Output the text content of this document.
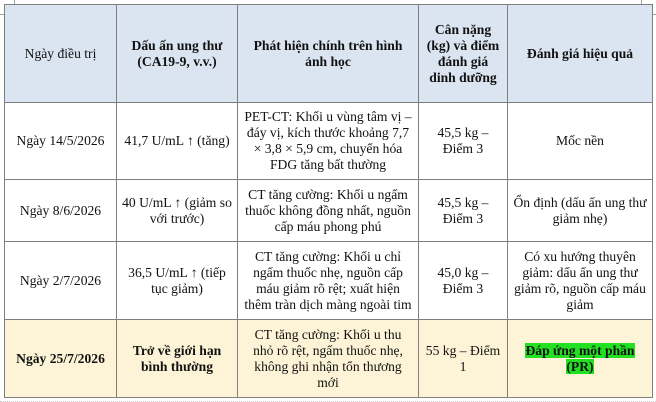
Ngày điều trị	Dấu ấn ung thư (CA19-9, v.v.)	Phát hiện chính trên hình ảnh học	Cân nặng (kg) và điểm đánh giá dinh dưỡng	Đánh giá hiệu quả
Ngày 14/5/2026	41,7 U/mL ↑ (tăng)	PET-CT: Khối u vùng tâm vị – đáy vị, kích thước khoảng 7,7 × 3,8 × 5,9 cm, chuyển hóa FDG tăng bất thường	45,5 kg – Điểm 3	Mốc nền
Ngày 8/6/2026	40 U/mL ↑ (giảm so với trước)	CT tăng cường: Khối u ngấm thuốc không đồng nhất, nguồn cấp máu phong phú	45,5 kg – Điểm 3	Ổn định (dấu ấn ung thư giảm nhẹ)
Ngày 2/7/2026	36,5 U/mL ↑ (tiếp tục giảm)	CT tăng cường: Khối u chỉ ngấm thuốc nhẹ, nguồn cấp máu giảm rõ rệt; xuất hiện thêm tràn dịch màng ngoài tim	45,0 kg – Điểm 3	Có xu hướng thuyên giảm: dấu ấn ung thư giảm rõ, nguồn cấp máu giảm
Ngày 25/7/2026	Trở về giới hạn bình thường	CT tăng cường: Khối u thu nhỏ rõ rệt, ngấm thuốc nhẹ, không ghi nhận tổn thương mới	55 kg – Điểm 1	Đáp ứng một phần (PR)
